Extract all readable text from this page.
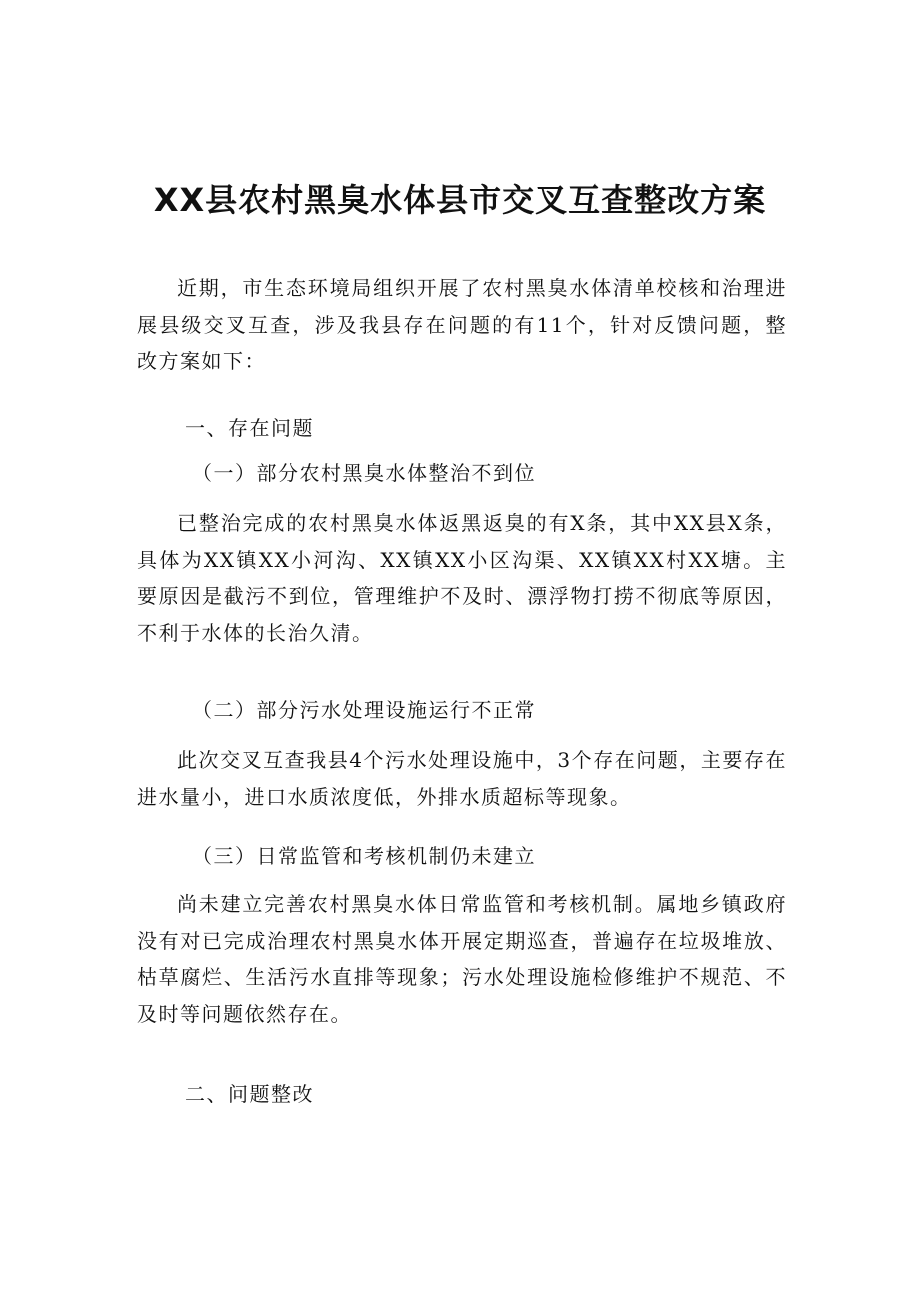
XX县农村黑臭水体县市交叉互查整改方案
近期，市生态环境局组织开展了农村黑臭水体清单校核和治理进展县级交叉互查，涉及我县存在问题的有11个，针对反馈问题，整改方案如下：
一、存在问题
（一）部分农村黑臭水体整治不到位
已整治完成的农村黑臭水体返黑返臭的有X条，其中XX县X条，具体为XX镇XX小河沟、XX镇XX小区沟渠、XX镇XX村XX塘。主要原因是截污不到位，管理维护不及时、漂浮物打捞不彻底等原因，不利于水体的长治久清。
（二）部分污水处理设施运行不正常
此次交叉互查我县4个污水处理设施中，3个存在问题，主要存在进水量小，进口水质浓度低，外排水质超标等现象。
（三）日常监管和考核机制仍未建立
尚未建立完善农村黑臭水体日常监管和考核机制。属地乡镇政府没有对已完成治理农村黑臭水体开展定期巡查，普遍存在垃圾堆放、枯草腐烂、生活污水直排等现象；污水处理设施检修维护不规范、不及时等问题依然存在。
二、问题整改
